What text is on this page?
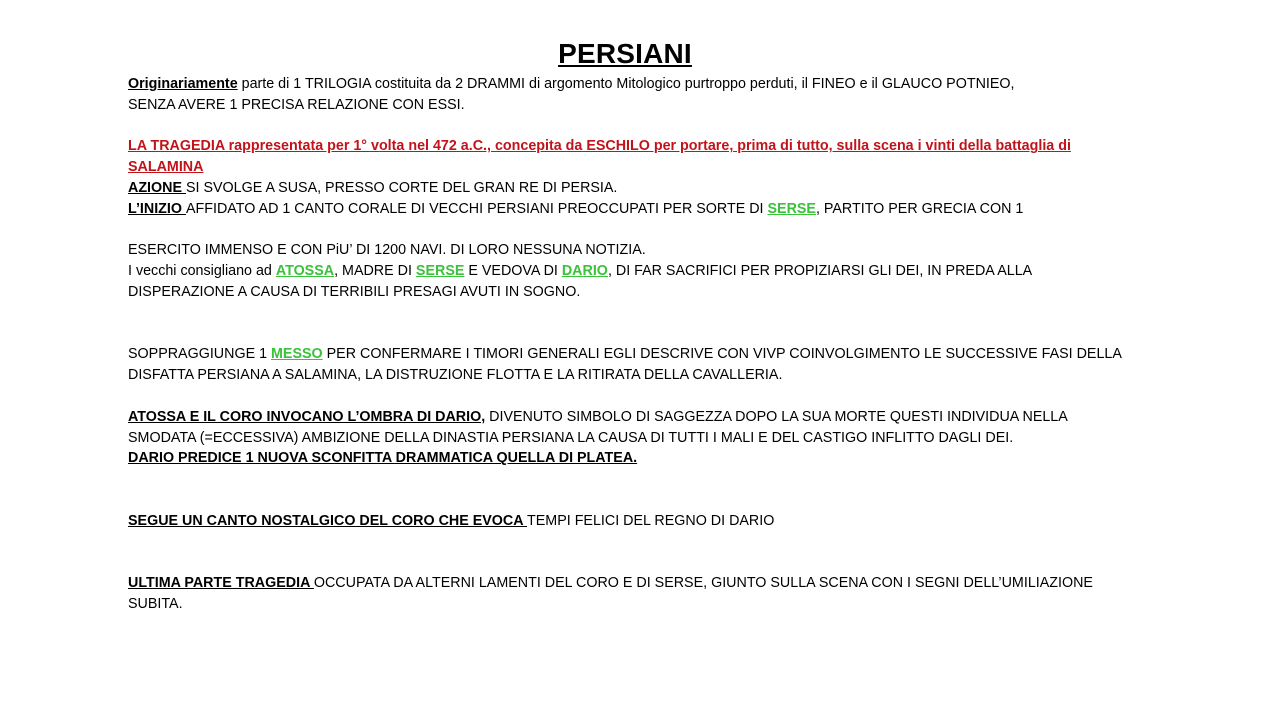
PERSIANI
Originariamente parte di 1 TRILOGIA costituita da 2 DRAMMI di argomento Mitologico purtroppo perduti, il FINEO e il GLAUCO POTNIEO,
SENZA AVERE 1 PRECISA RELAZIONE CON ESSI.
LA TRAGEDIA rappresentata per 1° volta nel 472 a.C., concepita da ESCHILO per portare, prima di tutto, sulla scena i vinti della battaglia di
SALAMINA
AZIONE SI SVOLGE A SUSA, PRESSO CORTE DEL GRAN RE DI PERSIA.
L’INIZIO AFFIDATO AD 1 CANTO CORALE DI VECCHI PERSIANI PREOCCUPATI PER SORTE DI SERSE, PARTITO PER GRECIA CON 1
ESERCITO IMMENSO E CON PiU’ DI 1200 NAVI. DI LORO NESSUNA NOTIZIA.
I vecchi consigliano ad ATOSSA, MADRE DI SERSE E VEDOVA DI DARIO, DI FAR SACRIFICI PER PROPIZIARSI GLI DEI, IN PREDA ALLA
DISPERAZIONE A CAUSA DI TERRIBILI PRESAGI AVUTI IN SOGNO.
SOPPRAGGIUNGE 1 MESSO PER CONFERMARE I TIMORI GENERALI EGLI DESCRIVE CON VIVP COINVOLGIMENTO LE SUCCESSIVE FASI DELLA
DISFATTA PERSIANA A SALAMINA, LA DISTRUZIONE FLOTTA E LA RITIRATA DELLA CAVALLERIA.
ATOSSA E IL CORO INVOCANO L’OMBRA DI DARIO, DIVENUTO SIMBOLO DI SAGGEZZA DOPO LA SUA MORTE QUESTI INDIVIDUA NELLA
SMODATA (=ECCESSIVA) AMBIZIONE DELLA DINASTIA PERSIANA LA CAUSA DI TUTTI I MALI E DEL CASTIGO INFLITTO DAGLI DEI.
DARIO PREDICE 1 NUOVA SCONFITTA DRAMMATICA QUELLA DI PLATEA.
SEGUE UN CANTO NOSTALGICO DEL CORO CHE EVOCA TEMPI FELICI DEL REGNO DI DARIO
ULTIMA PARTE TRAGEDIA OCCUPATA DA ALTERNI LAMENTI DEL CORO E DI SERSE, GIUNTO SULLA SCENA CON I SEGNI DELL’UMILIAZIONE
SUBITA.
